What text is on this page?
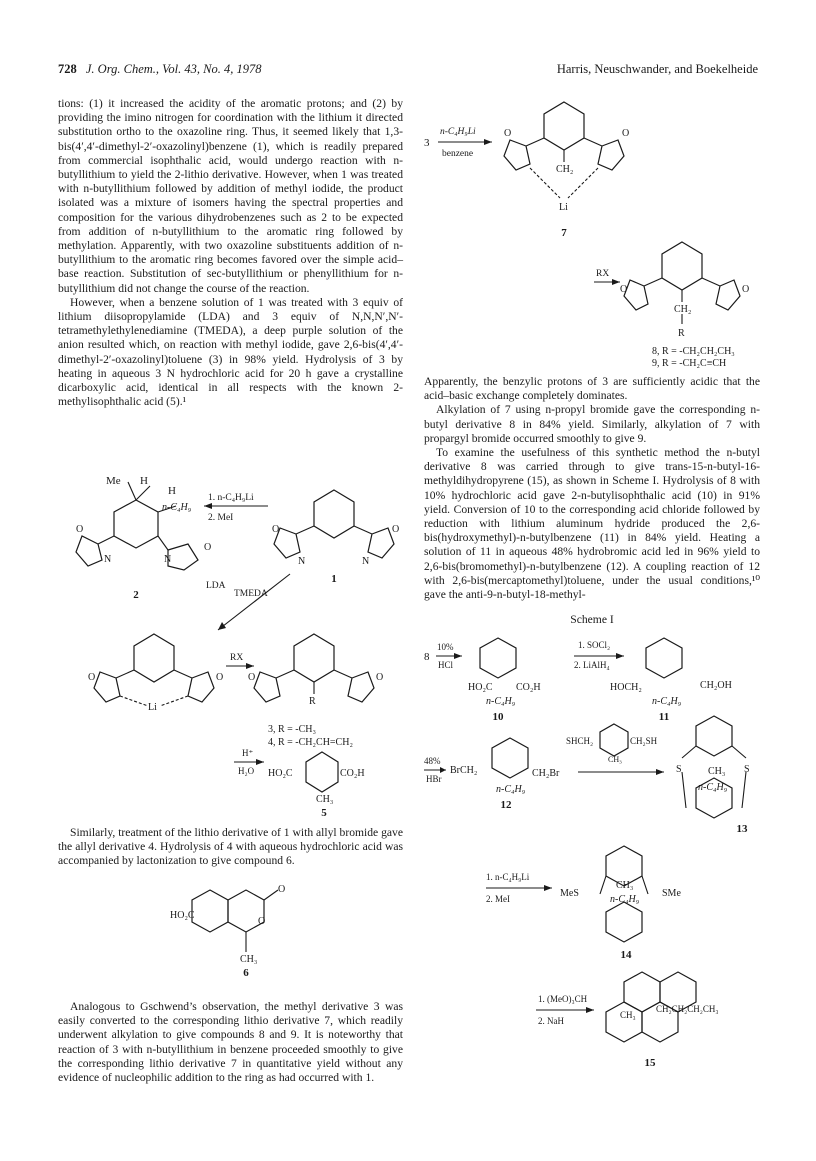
728 J. Org. Chem., Vol. 43, No. 4, 1978	Harris, Neuschwander, and Boekelheide

tions: (1) it increased the acidity of the aromatic protons; and (2) by providing the imino nitrogen for coordination with the lithium it directed substitution ortho to the oxazoline ring. Thus, it seemed likely that 1,3-bis(4′,4′-dimethyl-2′-oxazolinyl)benzene (1), which is readily prepared from commercial isophthalic acid, would undergo reaction with n-butyllithium to yield the 2-lithio derivative. However, when 1 was treated with n-butyllithium followed by addition of methyl iodide, the product isolated was a mixture of isomers having the spectral properties and composition for the various dihydrobenzenes such as 2 to be expected from addition of n-butyllithium to the aromatic ring followed by methylation. Apparently, with two oxazoline substituents addition of n-butyllithium to the aromatic ring becomes favored over the simple acid–base reaction. Substitution of sec-butyllithium or phenyllithium for n-butyllithium did not change the course of the reaction.

However, when a benzene solution of 1 was treated with 3 equiv of lithium diisopropylamide (LDA) and 3 equiv of N,N,N′,N′-tetramethylethylenediamine (TMEDA), a deep purple solution of the anion resulted which, on reaction with methyl iodide, gave 2,6-bis(4′,4′-dimethyl-2′-oxazolinyl)toluene (3) in 98% yield. Hydrolysis of 3 by heating in aqueous 3 N hydrochloric acid for 20 h gave a crystalline dicarboxylic acid, identical in all respects with the known 2-methylisophthalic acid (5).¹

Me H
H
n-C₄H₉
O
O
N	N
2
1. n-C₄H₉Li
2. MeI
O	O
N	N
1
LDA
TMEDA
O	O
Li
RX
O	O
R
3, R = -CH₃
4, R = -CH₂CH=CH₂
H⁺
H₂O HO₂C	CO₂H
CH₃
5

Similarly, treatment of the lithio derivative of 1 with allyl bromide gave the allyl derivative 4. Hydrolysis of 4 with aqueous hydrochloric acid was accompanied by lactonization to give compound 6.

HO₂C
O
O
CH₃
6

Analogous to Gschwend’s observation, the methyl derivative 3 was easily converted to the corresponding lithio derivative 7, which readily underwent alkylation to give compounds 8 and 9. It is noteworthy that reaction of 3 with n-butyllithium in benzene proceeded smoothly to give the corresponding lithio derivative 7 in quantitative yield without any evidence of nucleophilic addition to the ring as had occurred with 1.

3
n-C₄H₉Li
benzene
O	O
CH₂
Li
7
RX
O	O
CH₂
R
8, R = -CH₂CH₂CH₃
9, R = -CH₂C≡CH

Apparently, the benzylic protons of 3 are sufficiently acidic that the acid–basic exchange completely dominates.

Alkylation of 7 using n-propyl bromide gave the corresponding n-butyl derivative 8 in 84% yield. Similarly, alkylation of 7 with propargyl bromide occurred smoothly to give 9.

To examine the usefulness of this synthetic method the n-butyl derivative 8 was carried through to give trans-15-n-butyl-16-methyldihydropyrene (15), as shown in Scheme I. Hydrolysis of 8 with 10% hydrochloric acid gave 2-n-butylisophthalic acid (10) in 91% yield. Conversion of 10 to the corresponding acid chloride followed by reduction with lithium aluminum hydride produced the 2,6-bis(hydroxymethyl)-n-butylbenzene (11) in 84% yield. Heating a solution of 11 in aqueous 48% hydrobromic acid led in 96% yield to 2,6-bis(bromomethyl)-n-butylbenzene (12). A coupling reaction of 12 with 2,6-bis(mercaptomethyl)toluene, under the usual conditions,¹⁰ gave the anti-9-n-butyl-18-methyl-

Scheme I
8
10%
HCl
HO₂C CO₂H
n-C₄H₉
10
1. SOCl₂
2. LiAlH₄
HOCH₂	CH₂OH
n-C₄H₉
11
48%
HBr
BrCH₂	CH₂Br
n-C₄H₉
12
SHCH₂	CH₂SH
CH₃
CH₃
S	S
n-C₄H₉
13
1. n-C₄H₉Li
2. MeI	MeS
CH₃
n-C₄H₉
SMe
14
1. (MeO)₃CH
2. NaH
CH₃
CH₂CH₂CH₂CH₃
15
